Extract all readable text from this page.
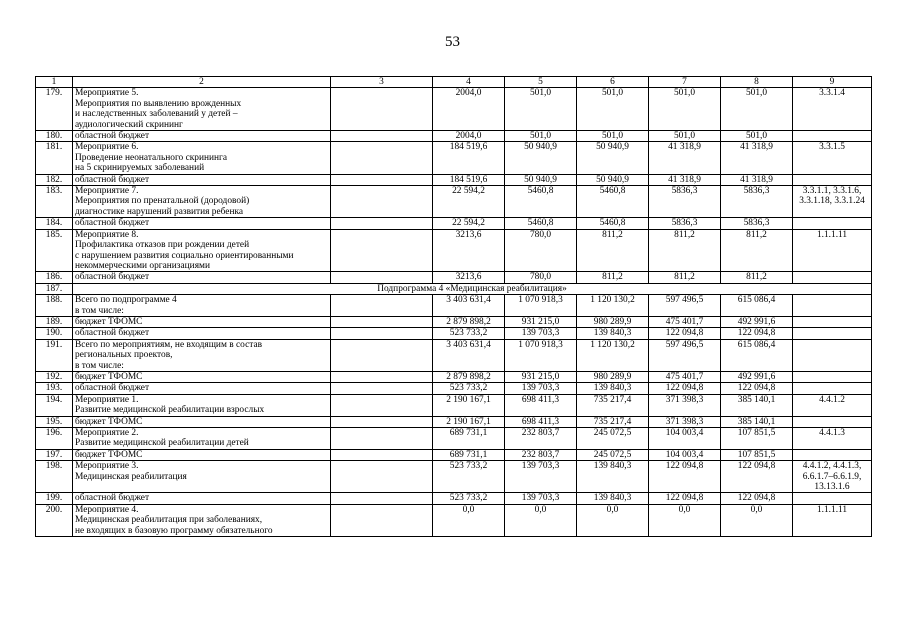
53
1	2	3	4	5	6	7	8	9
179.	Мероприятие 5.
Мероприятия по выявлению врожденных
и наследственных заболеваний у детей –
аудиологический скрининг		2004,0	501,0	501,0	501,0	501,0	3.3.1.4

180.	областной бюджет		2004,0	501,0	501,0	501,0	501,0	
181.	Мероприятие 6.
Проведение неонатального скрининга
на 5 скринируемых заболеваний		184 519,6	50 940,9	50 940,9	41 318,9	41 318,9	3.3.1.5

182.	областной бюджет		184 519,6	50 940,9	50 940,9	41 318,9	41 318,9	
183.	Мероприятие 7.
Мероприятия по пренатальной (дородовой)
диагностике нарушений развития ребенка		22 594,2	5460,8	5460,8	5836,3	5836,3	3.3.1.1, 3.3.1.6,
3.3.1.18, 3.3.1.24

184.	областной бюджет		22 594,2	5460,8	5460,8	5836,3	5836,3	
185.	Мероприятие 8.
Профилактика отказов при рождении детей
с нарушением развития социально ориентированными
некоммерческими организациями		3213,6	780,0	811,2	811,2	811,2	1.1.1.11

186.	областной бюджет		3213,6	780,0	811,2	811,2	811,2	
187.	Подпрограмма 4 «Медицинская реабилитация»							
188.	Всего по подпрограмме 4
в том числе:		3 403 631,4	1 070 918,3	1 120 130,2	597 496,5	615 086,4	
189.	бюджет ТФОМС		2 879 898,2	931 215,0	980 289,9	475 401,7	492 991,6	
190.	областной бюджет		523 733,2	139 703,3	139 840,3	122 094,8	122 094,8	
191.	Всего по мероприятиям, не входящим в состав
региональных проектов,
в том числе:		3 403 631,4	1 070 918,3	1 120 130,2	597 496,5	615 086,4	
192.	бюджет ТФОМС		2 879 898,2	931 215,0	980 289,9	475 401,7	492 991,6	
193.	областной бюджет		523 733,2	139 703,3	139 840,3	122 094,8	122 094,8	
194.	Мероприятие 1.
Развитие медицинской реабилитации взрослых		2 190 167,1	698 411,3	735 217,4	371 398,3	385 140,1	4.4.1.2

195.	бюджет ТФОМС		2 190 167,1	698 411,3	735 217,4	371 398,3	385 140,1	
196.	Мероприятие 2.
Развитие медицинской реабилитации детей		689 731,1	232 803,7	245 072,5	104 003,4	107 851,5	4.4.1.3

197.	бюджет ТФОМС		689 731,1	232 803,7	245 072,5	104 003,4	107 851,5	
198.	Мероприятие 3.
Медицинская реабилитация		523 733,2	139 703,3	139 840,3	122 094,8	122 094,8	4.4.1.2, 4.4.1.3,
6.6.1.7–6.6.1.9,
13.13.1.6

199.	областной бюджет		523 733,2	139 703,3	139 840,3	122 094,8	122 094,8	
200.	Мероприятие 4.
Медицинская реабилитация при заболеваниях,
не входящих в базовую программу обязательного		0,0	0,0	0,0	0,0	0,0	1.1.1.11
